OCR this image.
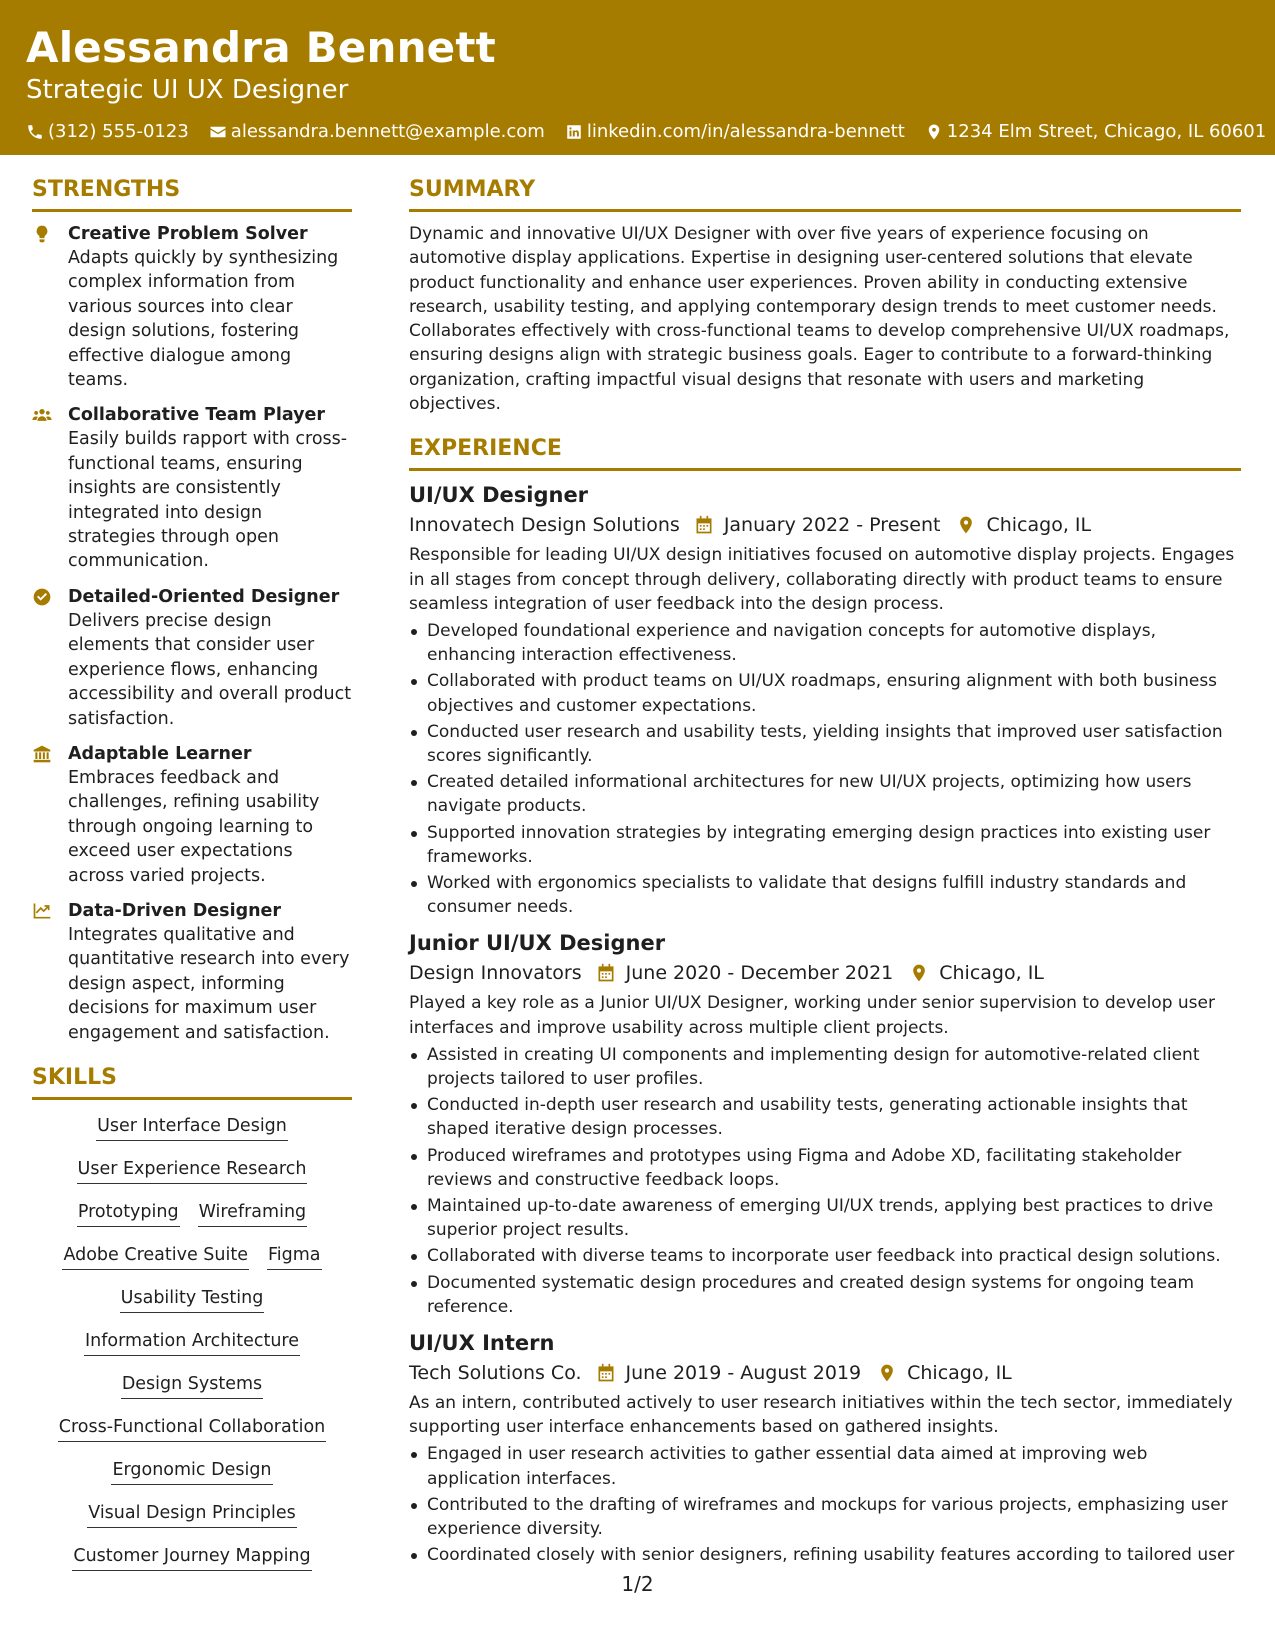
Alessandra Bennett
Strategic UI UX Designer
(312) 555-0123 alessandra.bennett@example.com linkedin.com/in/alessandra-bennett 1234 Elm Street, Chicago, IL 60601
STRENGTHS
Creative Problem Solver
Adapts quickly by synthesizing complex information from various sources into clear design solutions, fostering effective dialogue among teams.
Collaborative Team Player
Easily builds rapport with cross-functional teams, ensuring insights are consistently integrated into design strategies through open communication.
Detailed-Oriented Designer
Delivers precise design elements that consider user experience flows, enhancing accessibility and overall product satisfaction.
Adaptable Learner
Embraces feedback and challenges, refining usability through ongoing learning to exceed user expectations across varied projects.
Data-Driven Designer
Integrates qualitative and quantitative research into every design aspect, informing decisions for maximum user engagement and satisfaction.
SKILLS
User Interface Design
User Experience Research
Prototyping Wireframing
Adobe Creative Suite Figma
Usability Testing
Information Architecture
Design Systems
Cross-Functional Collaboration
Ergonomic Design
Visual Design Principles
Customer Journey Mapping
SUMMARY
Dynamic and innovative UI/UX Designer with over five years of experience focusing on automotive display applications. Expertise in designing user-centered solutions that elevate product functionality and enhance user experiences. Proven ability in conducting extensive research, usability testing, and applying contemporary design trends to meet customer needs. Collaborates effectively with cross-functional teams to develop comprehensive UI/UX roadmaps, ensuring designs align with strategic business goals. Eager to contribute to a forward-thinking organization, crafting impactful visual designs that resonate with users and marketing objectives.
EXPERIENCE
UI/UX Designer
Innovatech Design Solutions January 2022 - Present Chicago, IL
Responsible for leading UI/UX design initiatives focused on automotive display projects. Engages in all stages from concept through delivery, collaborating directly with product teams to ensure seamless integration of user feedback into the design process.
Developed foundational experience and navigation concepts for automotive displays, enhancing interaction effectiveness.
Collaborated with product teams on UI/UX roadmaps, ensuring alignment with both business objectives and customer expectations.
Conducted user research and usability tests, yielding insights that improved user satisfaction scores significantly.
Created detailed informational architectures for new UI/UX projects, optimizing how users navigate products.
Supported innovation strategies by integrating emerging design practices into existing user frameworks.
Worked with ergonomics specialists to validate that designs fulfill industry standards and consumer needs.
Junior UI/UX Designer
Design Innovators June 2020 - December 2021 Chicago, IL
Played a key role as a Junior UI/UX Designer, working under senior supervision to develop user interfaces and improve usability across multiple client projects.
Assisted in creating UI components and implementing design for automotive-related client projects tailored to user profiles.
Conducted in-depth user research and usability tests, generating actionable insights that shaped iterative design processes.
Produced wireframes and prototypes using Figma and Adobe XD, facilitating stakeholder reviews and constructive feedback loops.
Maintained up-to-date awareness of emerging UI/UX trends, applying best practices to drive superior project results.
Collaborated with diverse teams to incorporate user feedback into practical design solutions.
Documented systematic design procedures and created design systems for ongoing team reference.
UI/UX Intern
Tech Solutions Co. June 2019 - August 2019 Chicago, IL
As an intern, contributed actively to user research initiatives within the tech sector, immediately supporting user interface enhancements based on gathered insights.
Engaged in user research activities to gather essential data aimed at improving web application interfaces.
Contributed to the drafting of wireframes and mockups for various projects, emphasizing user experience diversity.
Coordinated closely with senior designers, refining usability features according to tailored user
1/2
